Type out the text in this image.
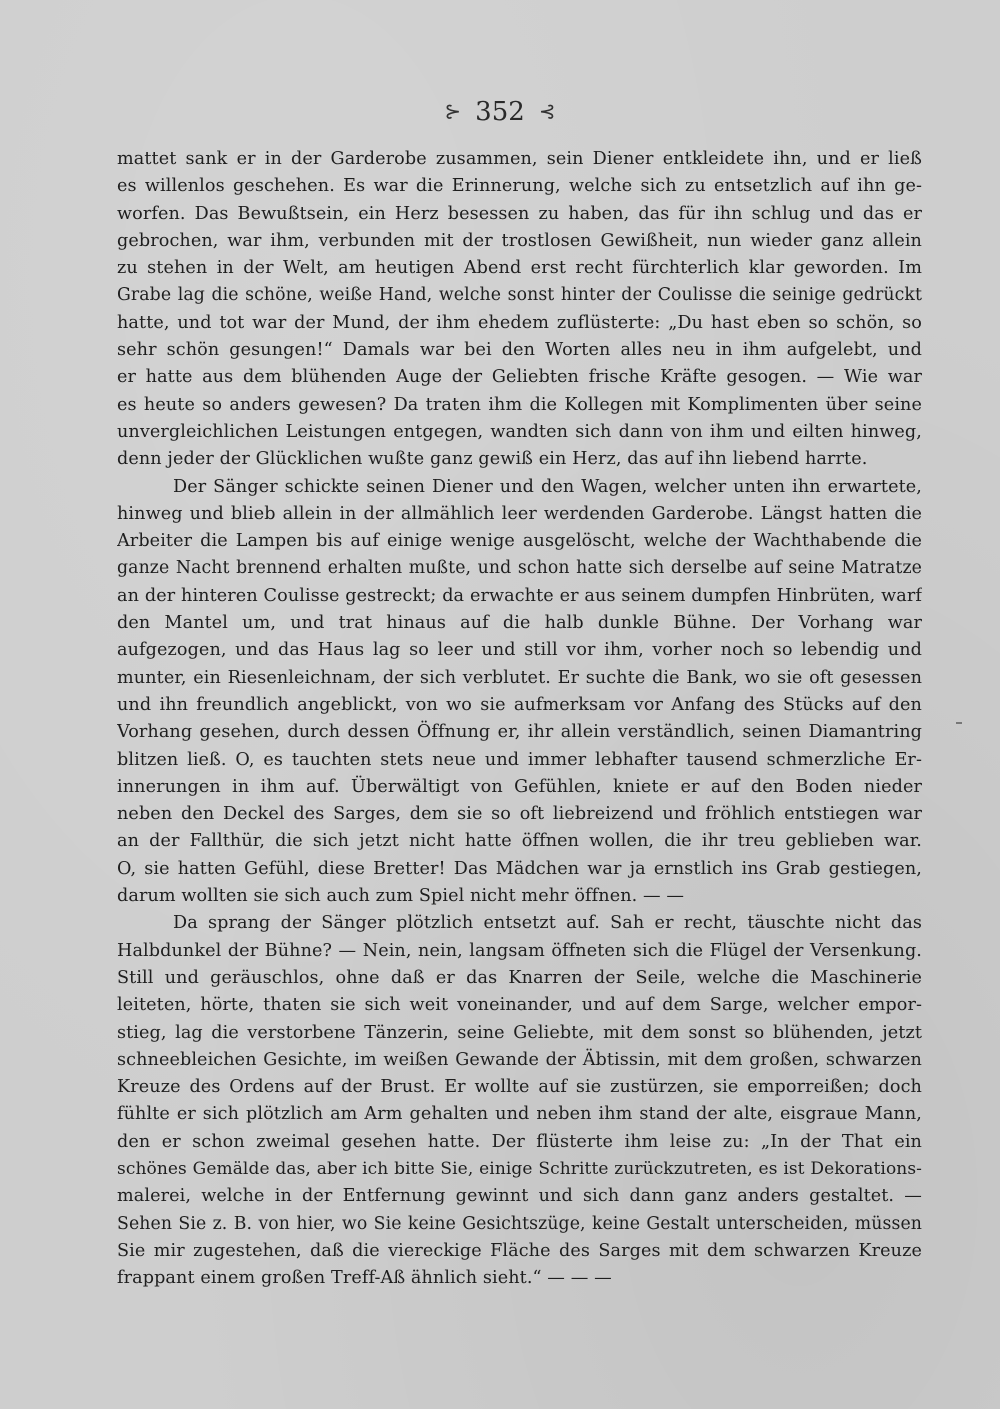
⊱ 352 ⊰
mattet sank er in der Garderobe zusammen, sein Diener entkleidete ihn, und er ließ
es willenlos geschehen. Es war die Erinnerung, welche sich zu entsetzlich auf ihn ge-
worfen. Das Bewußtsein, ein Herz besessen zu haben, das für ihn schlug und das er
gebrochen, war ihm, verbunden mit der trostlosen Gewißheit, nun wieder ganz allein
zu stehen in der Welt, am heutigen Abend erst recht fürchterlich klar geworden. Im
Grabe lag die schöne, weiße Hand, welche sonst hinter der Coulisse die seinige gedrückt
hatte, und tot war der Mund, der ihm ehedem zuflüsterte: „Du hast eben so schön, so
sehr schön gesungen!“ Damals war bei den Worten alles neu in ihm aufgelebt, und
er hatte aus dem blühenden Auge der Geliebten frische Kräfte gesogen. — Wie war
es heute so anders gewesen? Da traten ihm die Kollegen mit Komplimenten über seine
unvergleichlichen Leistungen entgegen, wandten sich dann von ihm und eilten hinweg,
denn jeder der Glücklichen wußte ganz gewiß ein Herz, das auf ihn liebend harrte.
Der Sänger schickte seinen Diener und den Wagen, welcher unten ihn erwartete,
hinweg und blieb allein in der allmählich leer werdenden Garderobe. Längst hatten die
Arbeiter die Lampen bis auf einige wenige ausgelöscht, welche der Wachthabende die
ganze Nacht brennend erhalten mußte, und schon hatte sich derselbe auf seine Matratze
an der hinteren Coulisse gestreckt; da erwachte er aus seinem dumpfen Hinbrüten, warf
den Mantel um, und trat hinaus auf die halb dunkle Bühne. Der Vorhang war
aufgezogen, und das Haus lag so leer und still vor ihm, vorher noch so lebendig und
munter, ein Riesenleichnam, der sich verblutet. Er suchte die Bank, wo sie oft gesessen
und ihn freundlich angeblickt, von wo sie aufmerksam vor Anfang des Stücks auf den
Vorhang gesehen, durch dessen Öffnung er, ihr allein verständlich, seinen Diamantring
blitzen ließ. O, es tauchten stets neue und immer lebhafter tausend schmerzliche Er-
innerungen in ihm auf. Überwältigt von Gefühlen, kniete er auf den Boden nieder
neben den Deckel des Sarges, dem sie so oft liebreizend und fröhlich entstiegen war
an der Fallthür, die sich jetzt nicht hatte öffnen wollen, die ihr treu geblieben war.
O, sie hatten Gefühl, diese Bretter! Das Mädchen war ja ernstlich ins Grab gestiegen,
darum wollten sie sich auch zum Spiel nicht mehr öffnen. — —
Da sprang der Sänger plötzlich entsetzt auf. Sah er recht, täuschte nicht das
Halbdunkel der Bühne? — Nein, nein, langsam öffneten sich die Flügel der Versenkung.
Still und geräuschlos, ohne daß er das Knarren der Seile, welche die Maschinerie
leiteten, hörte, thaten sie sich weit voneinander, und auf dem Sarge, welcher empor-
stieg, lag die verstorbene Tänzerin, seine Geliebte, mit dem sonst so blühenden, jetzt
schneebleichen Gesichte, im weißen Gewande der Äbtissin, mit dem großen, schwarzen
Kreuze des Ordens auf der Brust. Er wollte auf sie zustürzen, sie emporreißen; doch
fühlte er sich plötzlich am Arm gehalten und neben ihm stand der alte, eisgraue Mann,
den er schon zweimal gesehen hatte. Der flüsterte ihm leise zu: „In der That ein
schönes Gemälde das, aber ich bitte Sie, einige Schritte zurückzutreten, es ist Dekorations-
malerei, welche in der Entfernung gewinnt und sich dann ganz anders gestaltet. —
Sehen Sie z. B. von hier, wo Sie keine Gesichtszüge, keine Gestalt unterscheiden, müssen
Sie mir zugestehen, daß die viereckige Fläche des Sarges mit dem schwarzen Kreuze
frappant einem großen Treff-Aß ähnlich sieht.“ — — —
